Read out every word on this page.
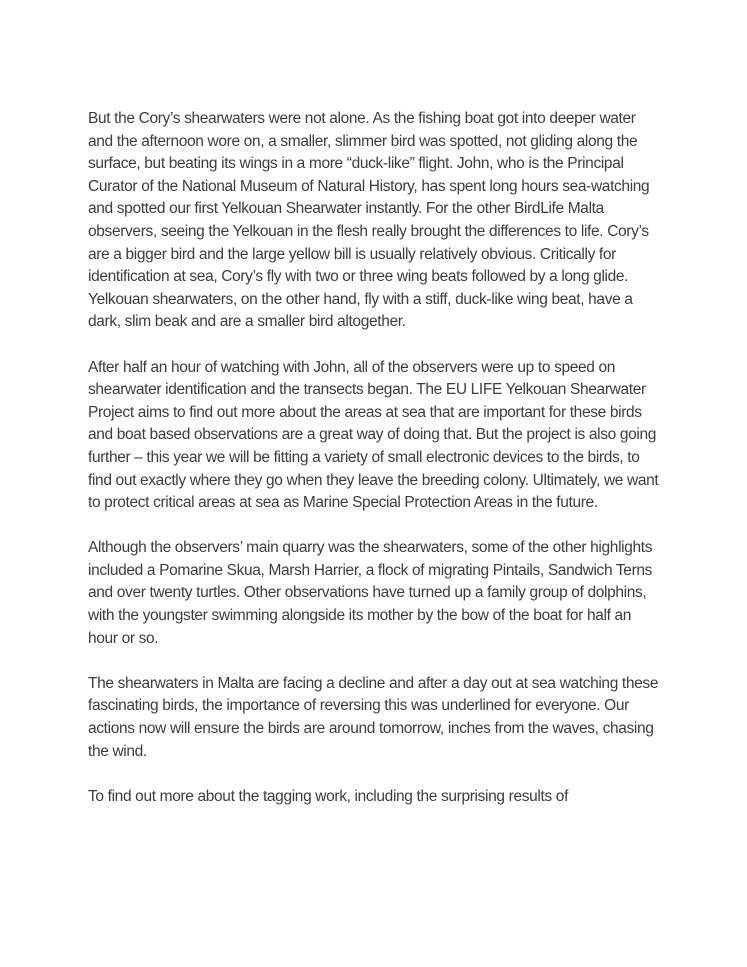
But the Cory’s shearwaters were not alone. As the fishing boat got into deeper water and the afternoon wore on, a smaller, slimmer bird was spotted, not gliding along the surface, but beating its wings in a more “duck-like” flight. John, who is the Principal Curator of the National Museum of Natural History, has spent long hours sea-watching and spotted our first Yelkouan Shearwater instantly. For the other BirdLife Malta observers, seeing the Yelkouan in the flesh really brought the differences to life. Cory’s are a bigger bird and the large yellow bill is usually relatively obvious. Critically for identification at sea, Cory’s fly with two or three wing beats followed by a long glide. Yelkouan shearwaters, on the other hand, fly with a stiff, duck-like wing beat, have a dark, slim beak and are a smaller bird altogether.

After half an hour of watching with John, all of the observers were up to speed on shearwater identification and the transects began. The EU LIFE Yelkouan Shearwater Project aims to find out more about the areas at sea that are important for these birds and boat based observations are a great way of doing that. But the project is also going further – this year we will be fitting a variety of small electronic devices to the birds, to find out exactly where they go when they leave the breeding colony. Ultimately, we want to protect critical areas at sea as Marine Special Protection Areas in the future.

Although the observers’ main quarry was the shearwaters, some of the other highlights included a Pomarine Skua, Marsh Harrier, a flock of migrating Pintails, Sandwich Terns and over twenty turtles. Other observations have turned up a family group of dolphins, with the youngster swimming alongside its mother by the bow of the boat for half an hour or so.

The shearwaters in Malta are facing a decline and after a day out at sea watching these fascinating birds, the importance of reversing this was underlined for everyone. Our actions now will ensure the birds are around tomorrow, inches from the waves, chasing the wind.

To find out more about the tagging work, including the surprising results of
